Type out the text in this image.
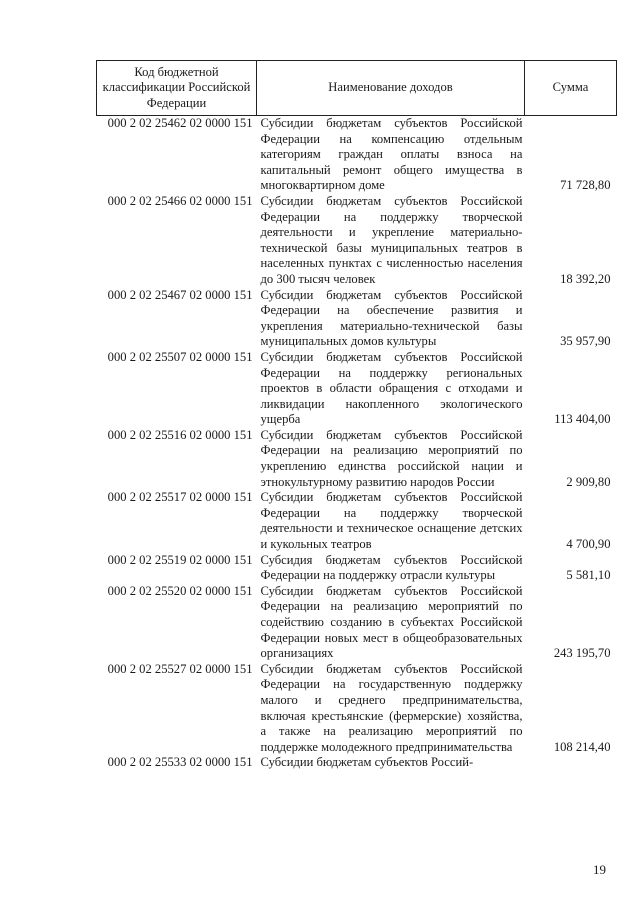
Код бюджетной классификации Российской Федерации	Наименование доходов	Сумма
000 2 02 25462 02 0000 151	Субсидии бюджетам субъектов Российской Федерации на компенсацию отдельным категориям граждан оплаты взноса на капитальный ремонт общего имущества в многоквартирном доме	71 728,80
000 2 02 25466 02 0000 151	Субсидии бюджетам субъектов Российской Федерации на поддержку творческой деятельности и укрепление материально-технической базы муниципальных театров в населенных пунктах с численностью населения до 300 тысяч человек	18 392,20
000 2 02 25467 02 0000 151	Субсидии бюджетам субъектов Российской Федерации на обеспечение развития и укрепления материально-технической базы муниципальных домов культуры	35 957,90
000 2 02 25507 02 0000 151	Субсидии бюджетам субъектов Российской Федерации на поддержку региональных проектов в области обращения с отходами и ликвидации накопленного экологического ущерба	113 404,00
000 2 02 25516 02 0000 151	Субсидии бюджетам субъектов Российской Федерации на реализацию мероприятий по укреплению единства российской нации и этнокультурному развитию народов России	2 909,80
000 2 02 25517 02 0000 151	Субсидии бюджетам субъектов Российской Федерации на поддержку творческой деятельности и техническое оснащение детских и кукольных театров	4 700,90
000 2 02 25519 02 0000 151	Субсидия бюджетам субъектов Российской Федерации на поддержку отрасли культуры	5 581,10
000 2 02 25520 02 0000 151	Субсидии бюджетам субъектов Российской Федерации на реализацию мероприятий по содействию созданию в субъектах Российской Федерации новых мест в общеобразовательных организациях	243 195,70
000 2 02 25527 02 0000 151	Субсидии бюджетам субъектов Российской Федерации на государственную поддержку малого и среднего предпринимательства, включая крестьянские (фермерские) хозяйства, а также на реализацию мероприятий по поддержке молодежного предпринимательства	108 214,40
000 2 02 25533 02 0000 151	Субсидии бюджетам субъектов Россий-	
19
